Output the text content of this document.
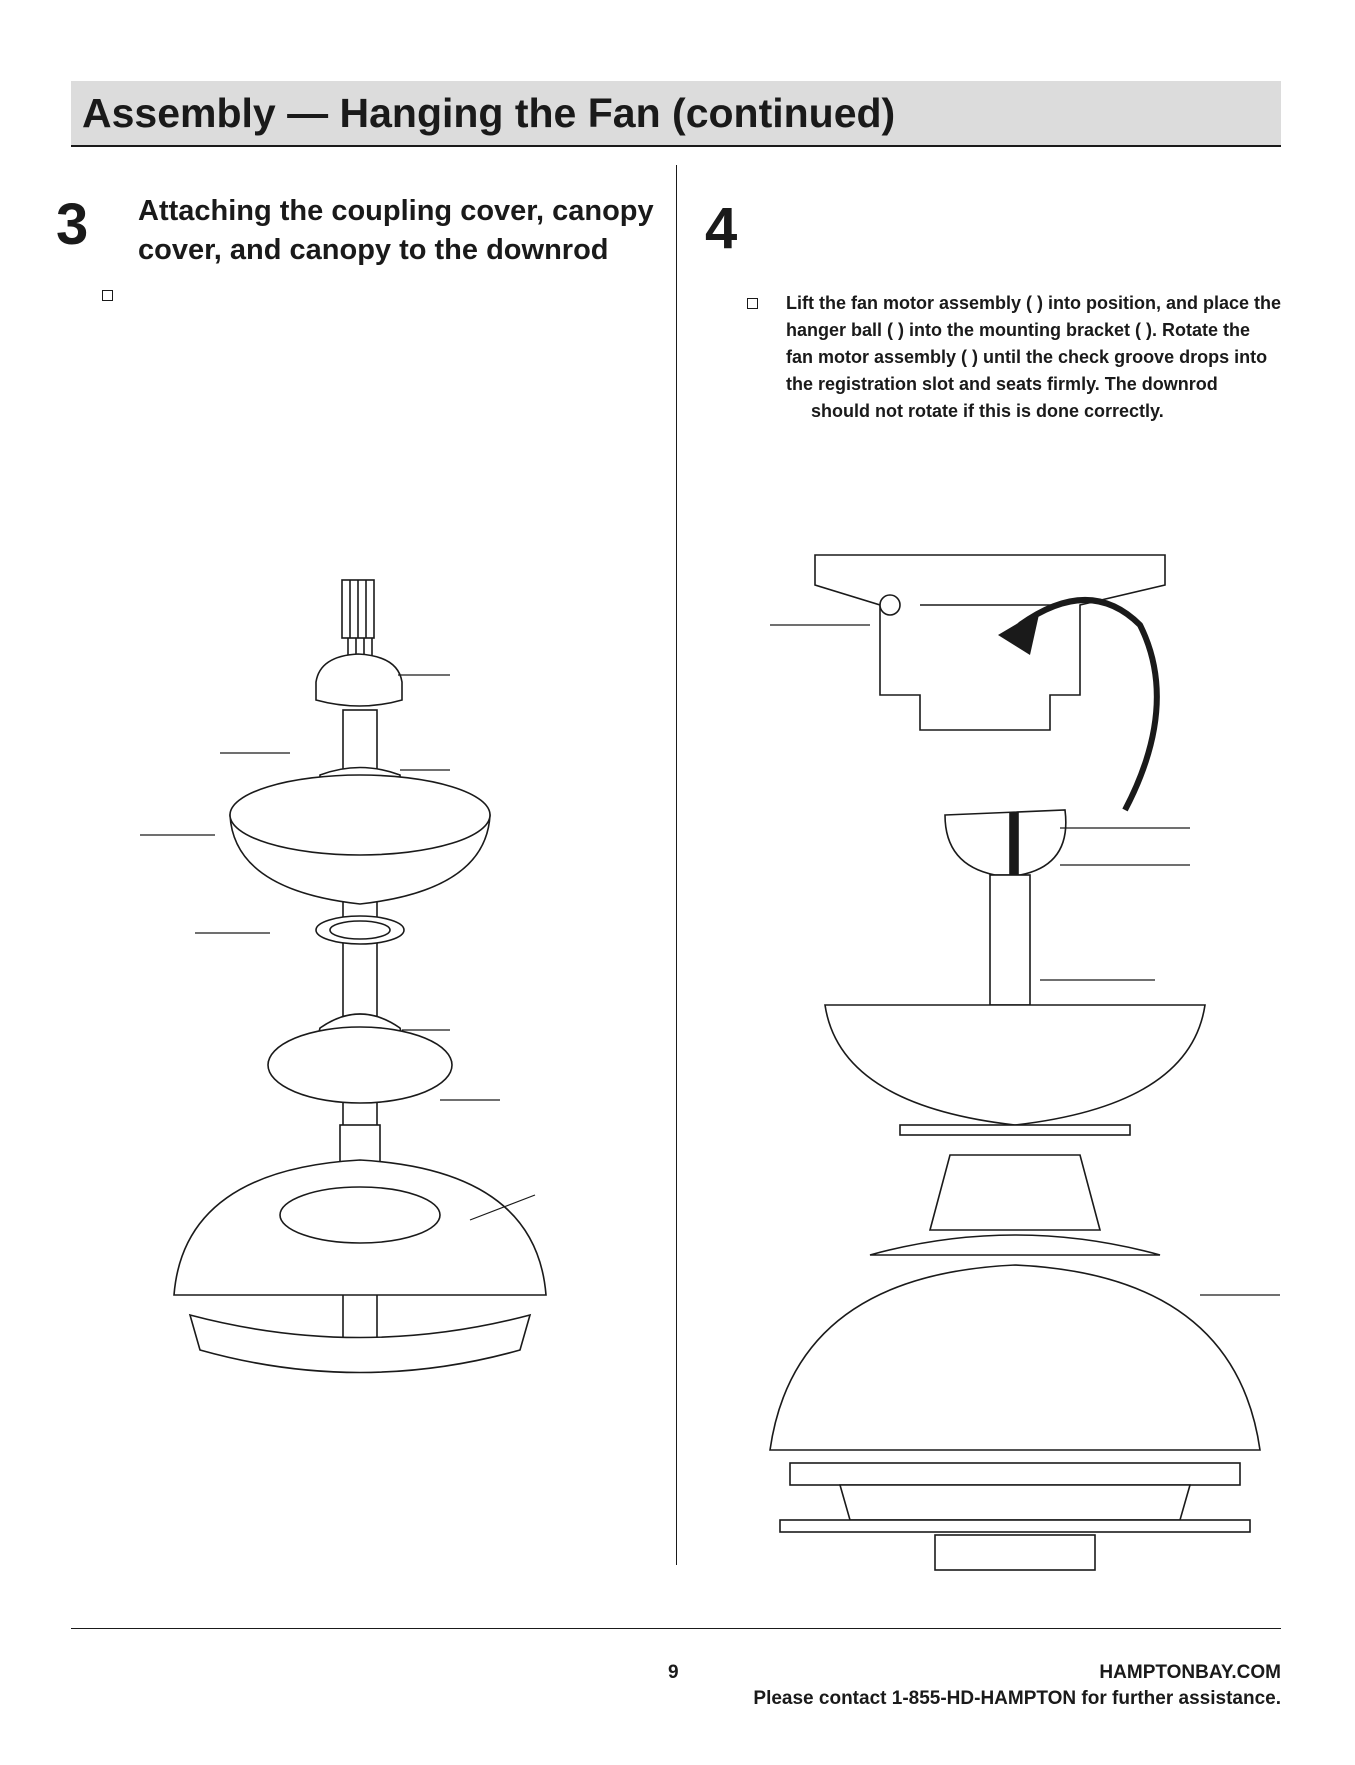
Assembly — Hanging the Fan (continued)
3 Attaching the coupling cover, canopy
cover, and canopy to the downrod	4
Lift the fan motor assembly ( ) into position, and place the
hanger ball ( ) into the mounting bracket ( ). Rotate the
fan motor assembly ( ) until the check groove drops into
the registration slot and seats firmly. The downrod
should not rotate if this is done correctly.
9	HAMPTONBAY.COM
Please contact 1-855-HD-HAMPTON for further assistance.
